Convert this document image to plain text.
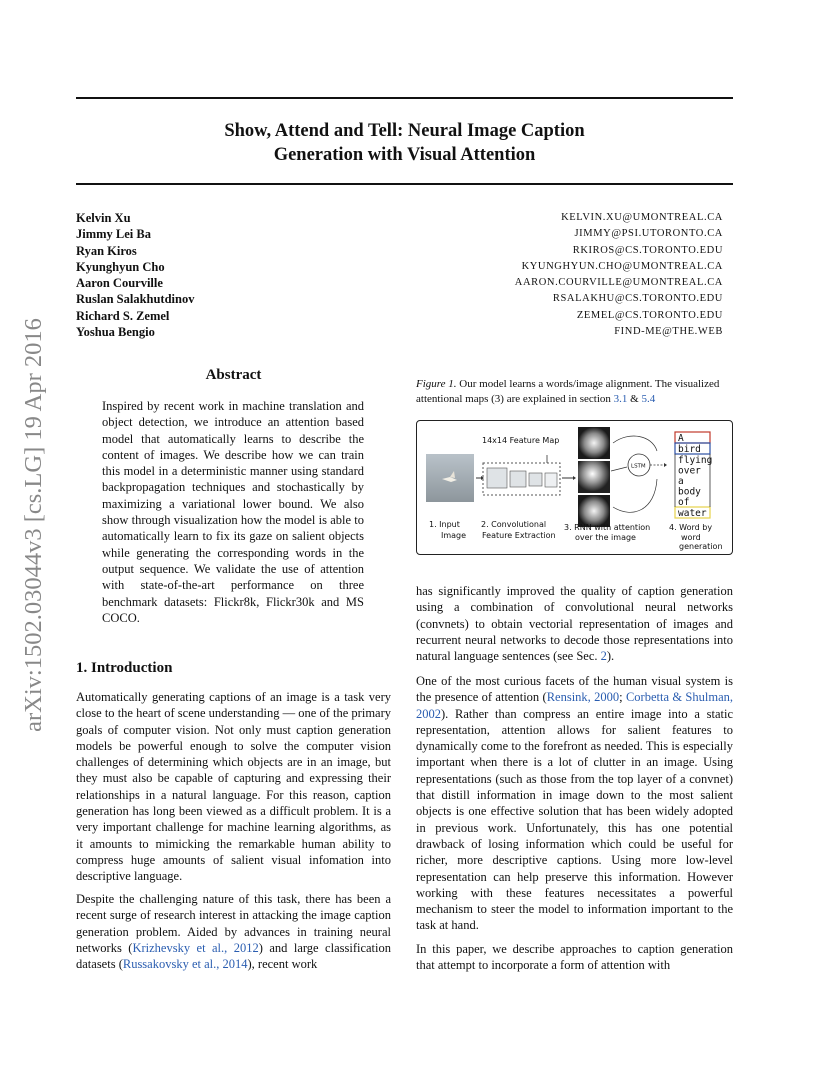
Show, Attend and Tell: Neural Image Caption
Generation with Visual Attention
Kelvin Xu	KELVIN.XU@UMONTREAL.CA
Jimmy Lei Ba	JIMMY@PSI.UTORONTO.CA
Ryan Kiros	RKIROS@CS.TORONTO.EDU
Kyunghyun Cho	KYUNGHYUN.CHO@UMONTREAL.CA
Aaron Courville	AARON.COURVILLE@UMONTREAL.CA
Ruslan Salakhutdinov	RSALAKHU@CS.TORONTO.EDU
Richard S. Zemel	ZEMEL@CS.TORONTO.EDU
Yoshua Bengio	FIND-ME@THE.WEB
arXiv:1502.03044v3 [cs.LG] 19 Apr 2016	Abstract

Inspired by recent work in machine translation and object detection, we introduce an attention based model that automatically learns to describe the content of images. We describe how we can train this model in a deterministic manner using standard backpropagation techniques and stochastically by maximizing a variational lower bound. We also show through visualization how the model is able to automatically learn to fix its gaze on salient objects while generating the corresponding words in the output sequence. We validate the use of attention with state-of-the-art performance on three benchmark datasets: Flickr8k, Flickr30k and MS COCO.

1. Introduction

Automatically generating captions of an image is a task very close to the heart of scene understanding — one of the primary goals of computer vision. Not only must caption generation models be powerful enough to solve the computer vision challenges of determining which objects are in an image, but they must also be capable of capturing and expressing their relationships in a natural language. For this reason, caption generation has long been viewed as a difficult problem. It is a very important challenge for machine learning algorithms, as it amounts to mimicking the remarkable human ability to compress huge amounts of salient visual infomation into descriptive language.

Despite the challenging nature of this task, there has been a recent surge of research interest in attacking the image caption generation problem. Aided by advances in training neural networks (Krizhevsky et al., 2012) and large classification datasets (Russakovsky et al., 2014), recent work

Figure 1. Our model learns a words/image alignment. The visualized attentional maps (3) are explained in section 3.1 & 5.4

14x14 Feature Map
LSTM
A
bird
flying
over
a
body
of
water
1. Input
Image
2. Convolutional
Feature Extraction
3. RNN with attention
over the image
4. Word by
word
generation

has significantly improved the quality of caption generation using a combination of convolutional neural networks (convnets) to obtain vectorial representation of images and recurrent neural networks to decode those representations into natural language sentences (see Sec. 2).

One of the most curious facets of the human visual system is the presence of attention (Rensink, 2000; Corbetta & Shulman, 2002). Rather than compress an entire image into a static representation, attention allows for salient features to dynamically come to the forefront as needed. This is especially important when there is a lot of clutter in an image. Using representations (such as those from the top layer of a convnet) that distill information in image down to the most salient objects is one effective solution that has been widely adopted in previous work. Unfortunately, this has one potential drawback of losing information which could be useful for richer, more descriptive captions. Using more low-level representation can help preserve this information. However working with these features necessitates a powerful mechanism to steer the model to information important to the task at hand.

In this paper, we describe approaches to caption generation that attempt to incorporate a form of attention with
